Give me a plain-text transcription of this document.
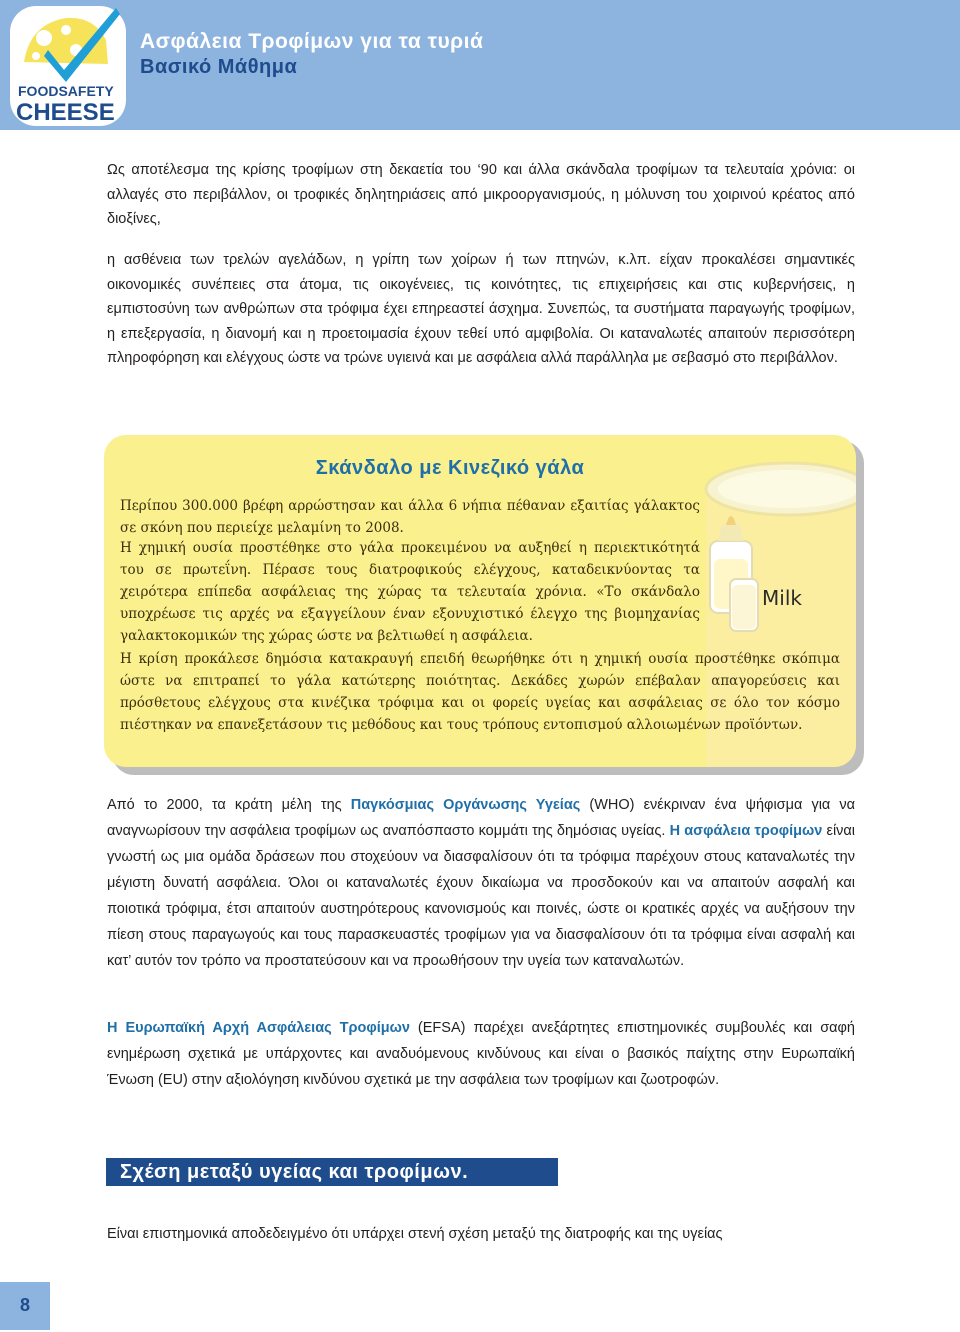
FOODSAFETY
CHEESE
Ασφάλεια Τροφίμων για τα τυριά
Βασικό Μάθημα

Ως αποτέλεσμα της κρίσης τροφίμων στη δεκαετία του ‘90 και άλλα σκάνδαλα τροφίμων τα τελευταία χρόνια: οι αλλαγές στο περιβάλλον, οι τροφικές δηλητηριάσεις από μικροοργανισμούς, η μόλυνση του χοιρινού κρέατος από διοξίνες,

η ασθένεια των τρελών αγελάδων, η γρίπη των χοίρων ή των πτηνών, κ.λπ. είχαν προκαλέσει σημαντικές οικονομικές συνέπειες στα άτομα, τις οικογένειες, τις κοινότητες, τις επιχειρήσεις και στις κυβερνήσεις, η εμπιστοσύνη των ανθρώπων στα τρόφιμα έχει επηρεαστεί άσχημα. Συνεπώς, τα συστήματα παραγωγής τροφίμων, η επεξεργασία, η διανομή και η προετοιμασία έχουν τεθεί υπό αμφιβολία. Οι καταναλωτές απαιτούν περισσότερη πληροφόρηση και ελέγχους ώστε να τρώνε υγιεινά και με ασφάλεια αλλά παράλληλα με σεβασμό στο περιβάλλον.

Milk
Σκάνδαλο με Κινεζικό γάλα

Περίπου 300.000 βρέφη αρρώστησαν και άλλα 6 νήπια πέθαναν εξαιτίας γάλακτος σε σκόνη που περιείχε μελαμίνη το 2008.

Η χημική ουσία προστέθηκε στο γάλα προκειμένου να αυξηθεί η περιεκτικότητά του σε πρωτεΐνη. Πέρασε τους διατροφικούς ελέγχους, καταδεικνύοντας τα χειρότερα επίπεδα ασφάλειας της χώρας τα τελευταία χρόνια. «Το σκάνδαλο υποχρέωσε τις αρχές να εξαγγείλουν έναν εξονυχιστικό έλεγχο της βιομηχανίας γαλακτοκομικών της χώρας ώστε να βελτιωθεί η ασφάλεια.

Η κρίση προκάλεσε δημόσια κατακραυγή επειδή θεωρήθηκε ότι η χημική ουσία προστέθηκε σκόπιμα ώστε να επιτραπεί το γάλα κατώτερης ποιότητας. Δεκάδες χωρών επέβαλαν απαγορεύσεις και πρόσθετους ελέγχους στα κινέζικα τρόφιμα και οι φορείς υγείας και ασφάλειας σε όλο τον κόσμο πιέστηκαν να επανεξετάσουν τις μεθόδους και τους τρόπους εντοπισμού αλλοιωμένων προϊόντων.

Από το 2000, τα κράτη μέλη της Παγκόσμιας Οργάνωσης Υγείας (WHO) ενέκριναν ένα ψήφισμα για να αναγνωρίσουν την ασφάλεια τροφίμων ως αναπόσπαστο κομμάτι της δημόσιας υγείας. Η ασφάλεια τροφίμων είναι γνωστή ως μια ομάδα δράσεων που στοχεύουν να διασφαλίσουν ότι τα τρόφιμα παρέχουν στους καταναλωτές την μέγιστη δυνατή ασφάλεια. Όλοι οι καταναλωτές έχουν δικαίωμα να προσδοκούν και να απαιτούν ασφαλή και ποιοτικά τρόφιμα, έτσι απαιτούν αυστηρότερους κανονισμούς και ποινές, ώστε οι κρατικές αρχές να αυξήσουν την πίεση στους παραγωγούς και τους παρασκευαστές τροφίμων για να διασφαλίσουν ότι τα τρόφιμα είναι ασφαλή και κατ’ αυτόν τον τρόπο να προστατεύσουν και να προωθήσουν την υγεία των καταναλωτών.

Η Ευρωπαϊκή Αρχή Ασφάλειας Τροφίμων (EFSA) παρέχει ανεξάρτητες επιστημονικές συμβουλές και σαφή ενημέρωση σχετικά με υπάρχοντες και αναδυόμενους κινδύνους και είναι ο βασικός παίχτης στην Ευρωπαϊκή Ένωση (EU) στην αξιολόγηση κινδύνου σχετικά με την ασφάλεια των τροφίμων και ζωοτροφών.

Σχέση μεταξύ υγείας και τροφίμων.

Είναι επιστημονικά αποδεδειγμένο ότι υπάρχει στενή σχέση μεταξύ της διατροφής και της υγείας

8
